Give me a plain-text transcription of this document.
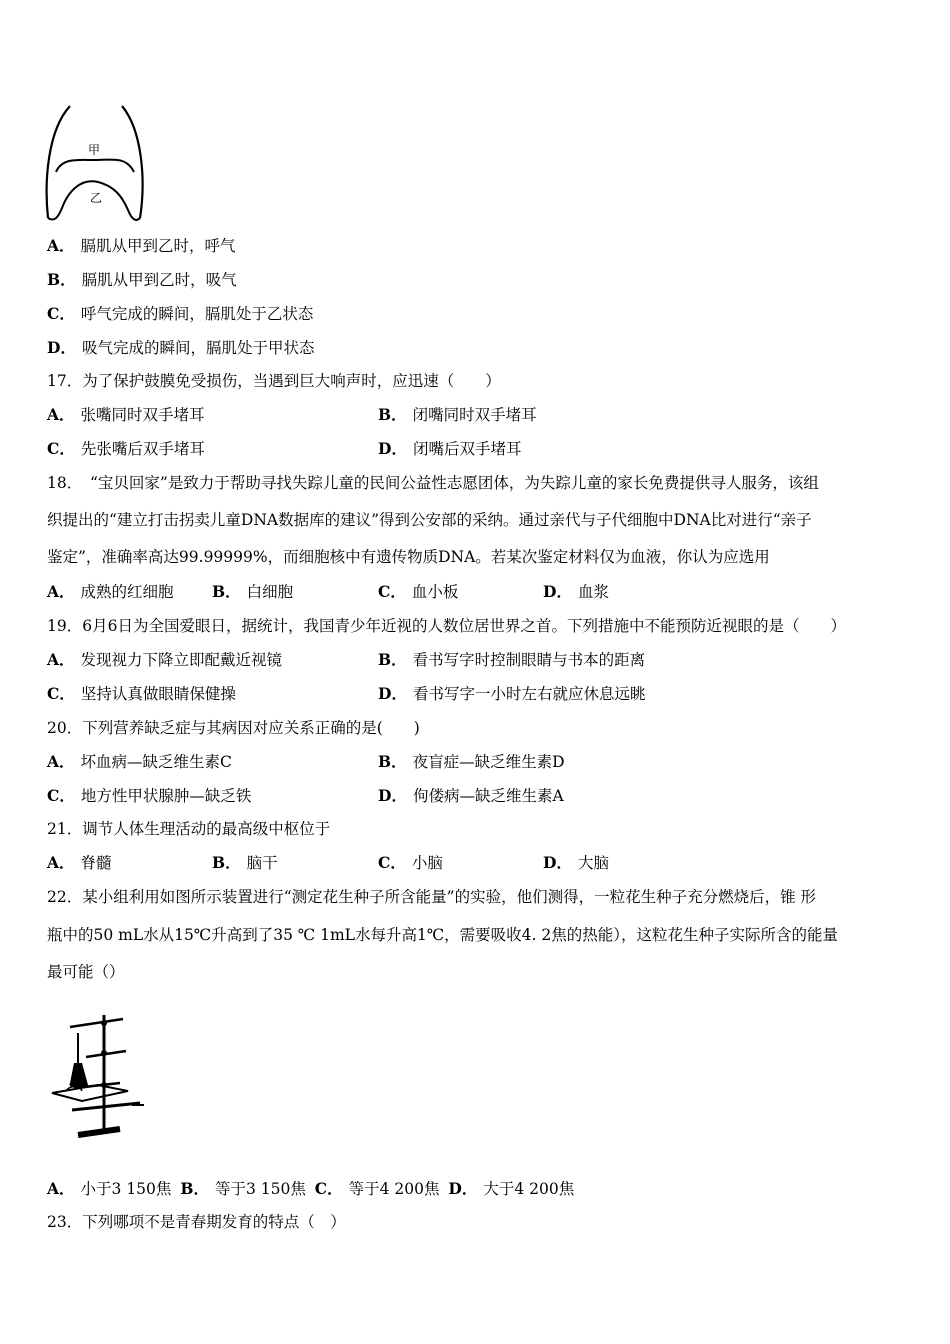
甲
乙
A． 膈肌从甲到乙时，呼气
B． 膈肌从甲到乙时，吸气
C． 呼气完成的瞬间，膈肌处于乙状态
D． 吸气完成的瞬间，膈肌处于甲状态
17．为了保护鼓膜免受损伤，当遇到巨大响声时，应迅速（　　）
A． 张嘴同时双手堵耳	B． 闭嘴同时双手堵耳
C． 先张嘴后双手堵耳	D． 闭嘴后双手堵耳
18．　“宝贝回家”是致力于帮助寻找失踪儿童的民间公益性志愿团体，为失踪儿童的家长免费提供寻人服务，该组
织提出的“建立打击拐卖儿童DNA数据库的建议”得到公安部的采纳。通过亲代与子代细胞中DNA比对进行“亲子
鉴定”，准确率高达99.99999%，而细胞核中有遗传物质DNA。若某次鉴定材料仅为血液，你认为应选用
A． 成熟的红细胞 B． 白细胞	C． 血小板	D． 血浆
19．6月6日为全国爱眼日，据统计，我国青少年近视的人数位居世界之首。下列措施中不能预防近视眼的是（　　）
A． 发现视力下降立即配戴近视镜	B． 看书写字时控制眼睛与书本的距离
C． 坚持认真做眼睛保健操	D． 看书写字一小时左右就应休息远眺
20．下列营养缺乏症与其病因对应关系正确的是(　　)
A． 坏血病—缺乏维生素C	B． 夜盲症—缺乏维生素D
C． 地方性甲状腺肿—缺乏铁	D． 佝偻病—缺乏维生素A
21．调节人体生理活动的最高级中枢位于
A． 脊髓	B． 脑干	C． 小脑	D． 大脑
22．某小组利用如图所示装置进行“测定花生种子所含能量”的实验，他们测得，一粒花生种子充分燃烧后，锥 形
瓶中的50 mL水从15℃升高到了35 ℃ 1mL水每升高1℃，需要吸收4. 2焦的热能），这粒花生种子实际所含的能量
最可能（）
A． 小于3 150焦 B． 等于3 150焦 C． 等于4 200焦 D． 大于4 200焦
23．下列哪项不是青春期发育的特点（　）
